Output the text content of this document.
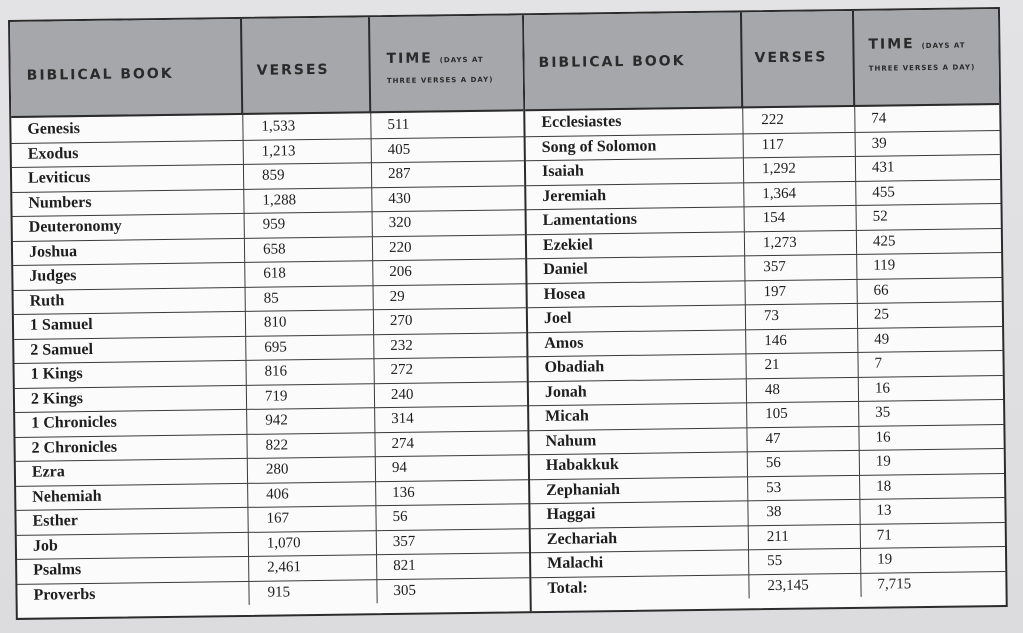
BIBLICAL BOOK	VERSES
TIME (DAYS AT
THREE VERSES A DAY)
Genesis	1,533	511
Exodus	1,213	405
Leviticus	859	287
Numbers	1,288	430
Deuteronomy	959	320
Joshua	658	220
Judges	618	206
Ruth	85	29
1 Samuel	810	270
2 Samuel	695	232
1 Kings	816	272
2 Kings	719	240
1 Chronicles	942	314
2 Chronicles	822	274
Ezra	280	94
Nehemiah	406	136
Esther	167	56
Job	1,070	357
Psalms	2,461	821
Proverbs	915	305
BIBLICAL BOOK	VERSES
TIME (DAYS AT
THREE VERSES A DAY)
Ecclesiastes	222	74
Song of Solomon	117	39
Isaiah	1,292	431
Jeremiah	1,364	455
Lamentations	154	52
Ezekiel	1,273	425
Daniel	357	119
Hosea	197	66
Joel	73	25
Amos	146	49
Obadiah	21	7
Jonah	48	16
Micah	105	35
Nahum	47	16
Habakkuk	56	19
Zephaniah	53	18
Haggai	38	13
Zechariah	211	71
Malachi	55	19
Total:	23,145	7,715
